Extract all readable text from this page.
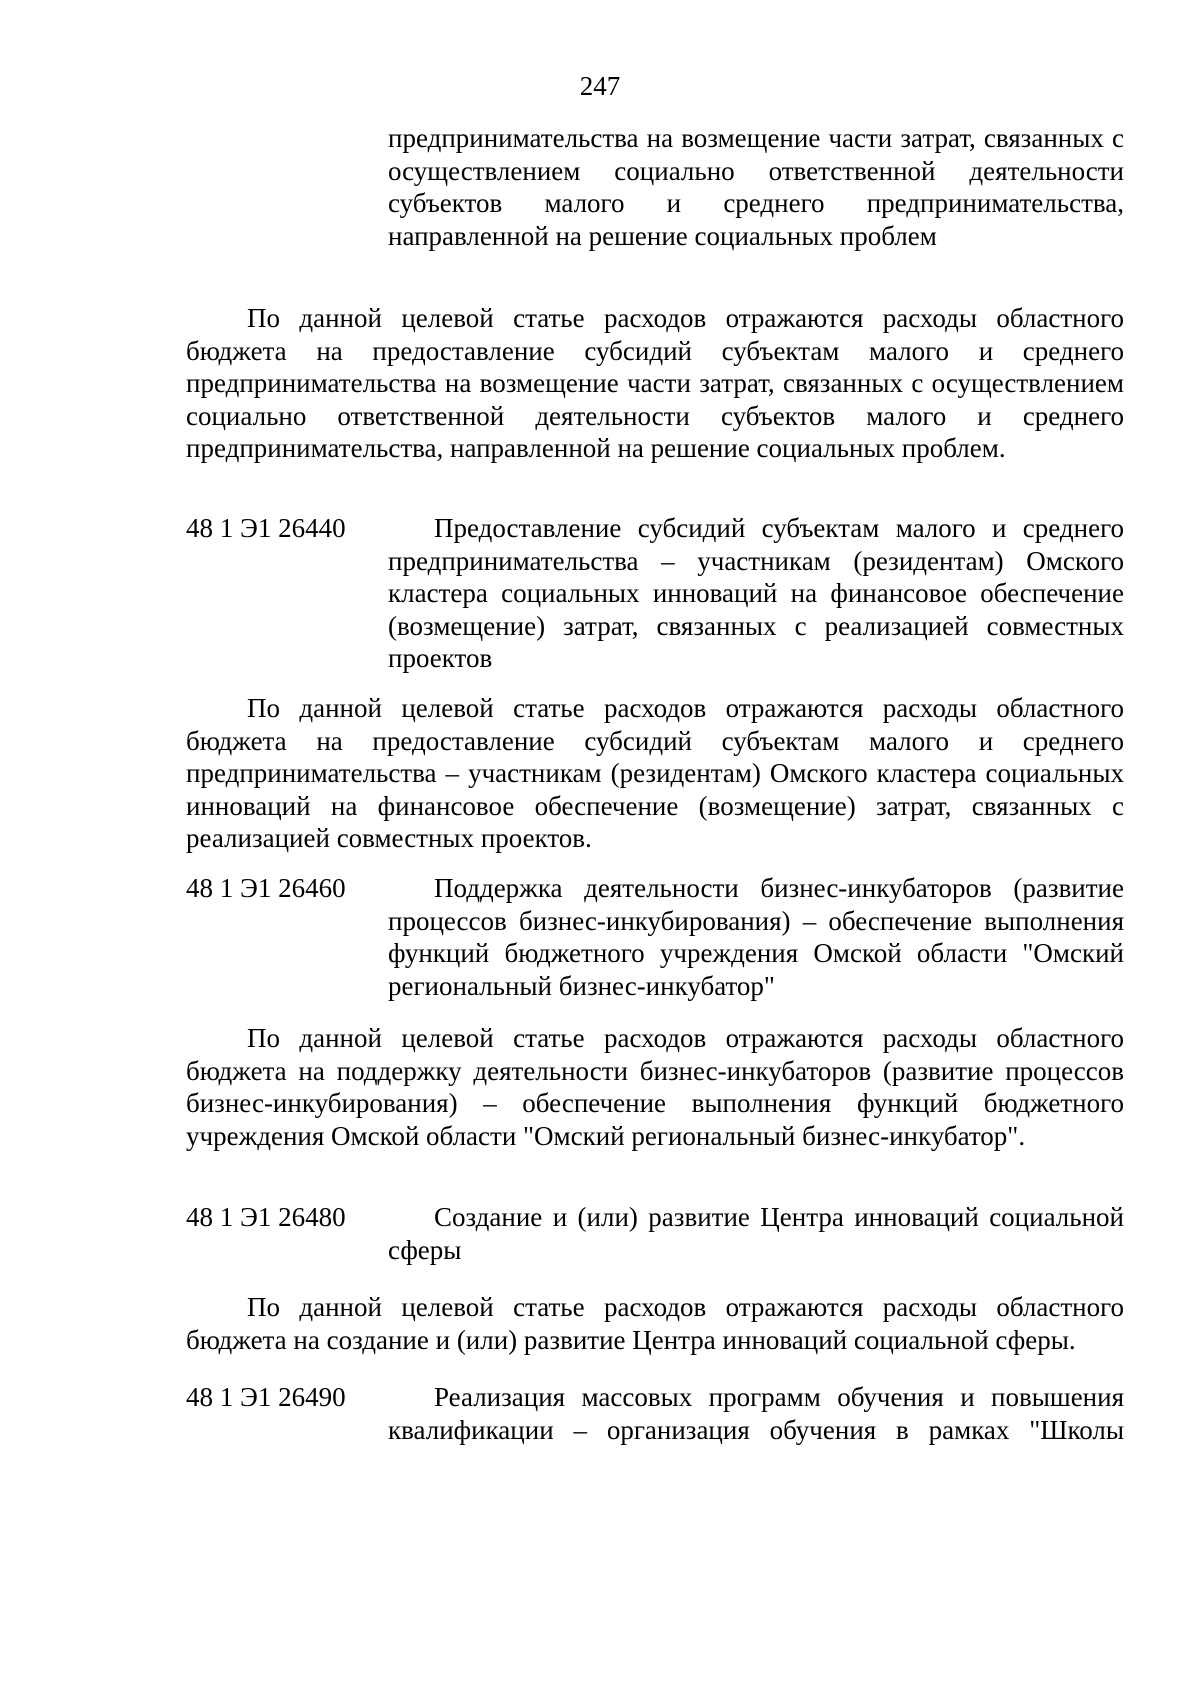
247
предпринимательства на возмещение части затрат, связанных с осуществлением социально ответственной деятельности субъектов малого и среднего предпринимательства, направленной на решение социальных проблем

По данной целевой статье расходов отражаются расходы областного бюджета на предоставление субсидий субъектам малого и среднего предпринимательства на возмещение части затрат, связанных с осуществлением социально ответственной деятельности субъектов малого и среднего предпринимательства, направленной на решение социальных проблем.

48 1 Э1 26440	Предоставление субсидий субъектам малого и среднего предпринимательства – участникам (резидентам) Омского кластера социальных инноваций на финансовое обеспечение (возмещение) затрат, связанных с реализацией совместных проектов

По данной целевой статье расходов отражаются расходы областного бюджета на предоставление субсидий субъектам малого и среднего предпринимательства – участникам (резидентам) Омского кластера социальных инноваций на финансовое обеспечение (возмещение) затрат, связанных с реализацией совместных проектов.

48 1 Э1 26460	Поддержка деятельности бизнес-инкубаторов (развитие процессов бизнес-инкубирования) – обеспечение выполнения функций бюджетного учреждения Омской области "Омский региональный бизнес-инкубатор"

По данной целевой статье расходов отражаются расходы областного бюджета на поддержку деятельности бизнес-инкубаторов (развитие процессов бизнес-инкубирования) – обеспечение выполнения функций бюджетного учреждения Омской области "Омский региональный бизнес-инкубатор".

48 1 Э1 26480	Создание и (или) развитие Центра инноваций социальной сферы

По данной целевой статье расходов отражаются расходы областного бюджета на создание и (или) развитие Центра инноваций социальной сферы.

48 1 Э1 26490	Реализация массовых программ обучения и повышения квалификации – организация обучения в рамках "Школы
